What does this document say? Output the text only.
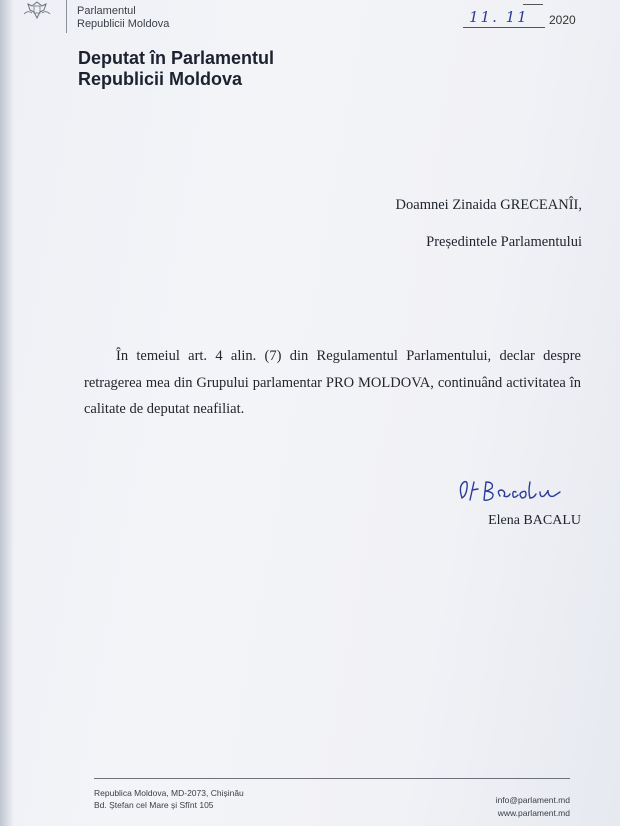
Parlamentul
Republicii Moldova	11. 11 2020
Deputat în Parlamentul
Republicii Moldova
Doamnei Zinaida GRECEANÎI,
Președintele Parlamentului

În temeiul art. 4 alin. (7) din Regulamentul Parlamentului, declar despre retragerea mea din Grupului parlamentar PRO MOLDOVA, continuând activitatea în calitate de deputat neafiliat.

Elena BACALU
Republica Moldova, MD-2073, Chișinău
Bd. Ștefan cel Mare și Sfînt 105	info@parlament.md
www.parlament.md
